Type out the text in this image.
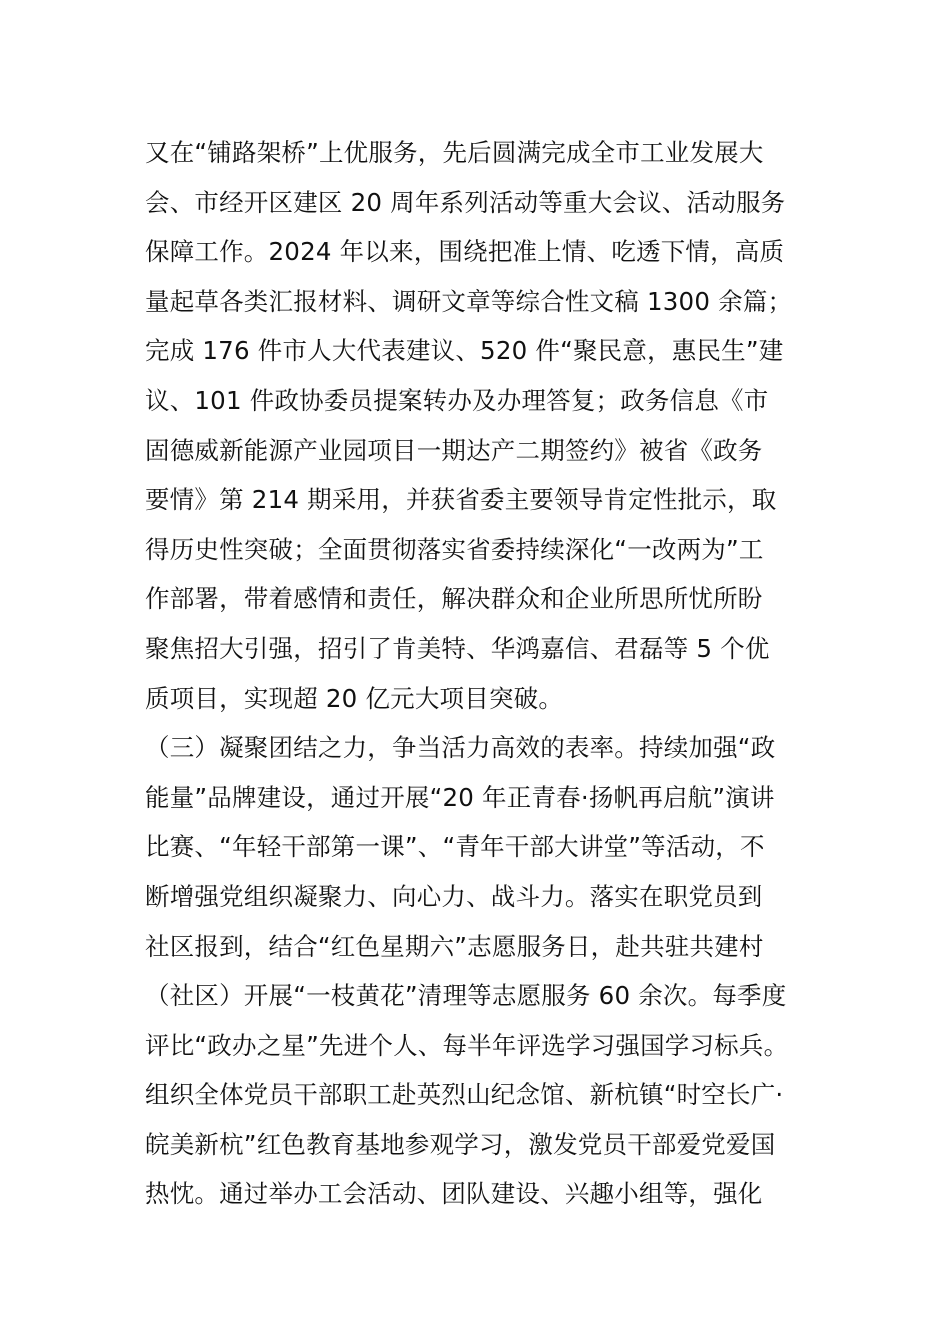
又在“铺路架桥”上优服务，先后圆满完成全市工业发展大
会、市经开区建区 20 周年系列活动等重大会议、活动服务
保障工作。2024 年以来，围绕把准上情、吃透下情，高质
量起草各类汇报材料、调研文章等综合性文稿 1300 余篇；
完成 176 件市人大代表建议、520 件“聚民意，惠民生”建
议、101 件政协委员提案转办及办理答复；政务信息《市
固德威新能源产业园项目一期达产二期签约》被省《政务
要情》第 214 期采用，并获省委主要领导肯定性批示，取
得历史性突破；全面贯彻落实省委持续深化“一改两为”工
作部署，带着感情和责任，解决群众和企业所思所忧所盼
聚焦招大引强，招引了肯美特、华鸿嘉信、君磊等 5 个优
质项目，实现超 20 亿元大项目突破。
（三）凝聚团结之力，争当活力高效的表率。持续加强“政
能量”品牌建设，通过开展“20 年正青春·扬帆再启航”演讲
比赛、“年轻干部第一课”、“青年干部大讲堂”等活动，不
断增强党组织凝聚力、向心力、战斗力。落实在职党员到
社区报到，结合“红色星期六”志愿服务日，赴共驻共建村
（社区）开展“一枝黄花”清理等志愿服务 60 余次。每季度
评比“政办之星”先进个人、每半年评选学习强国学习标兵。
组织全体党员干部职工赴英烈山纪念馆、新杭镇“时空长广·
皖美新杭”红色教育基地参观学习，激发党员干部爱党爱国
热忱。通过举办工会活动、团队建设、兴趣小组等，强化
